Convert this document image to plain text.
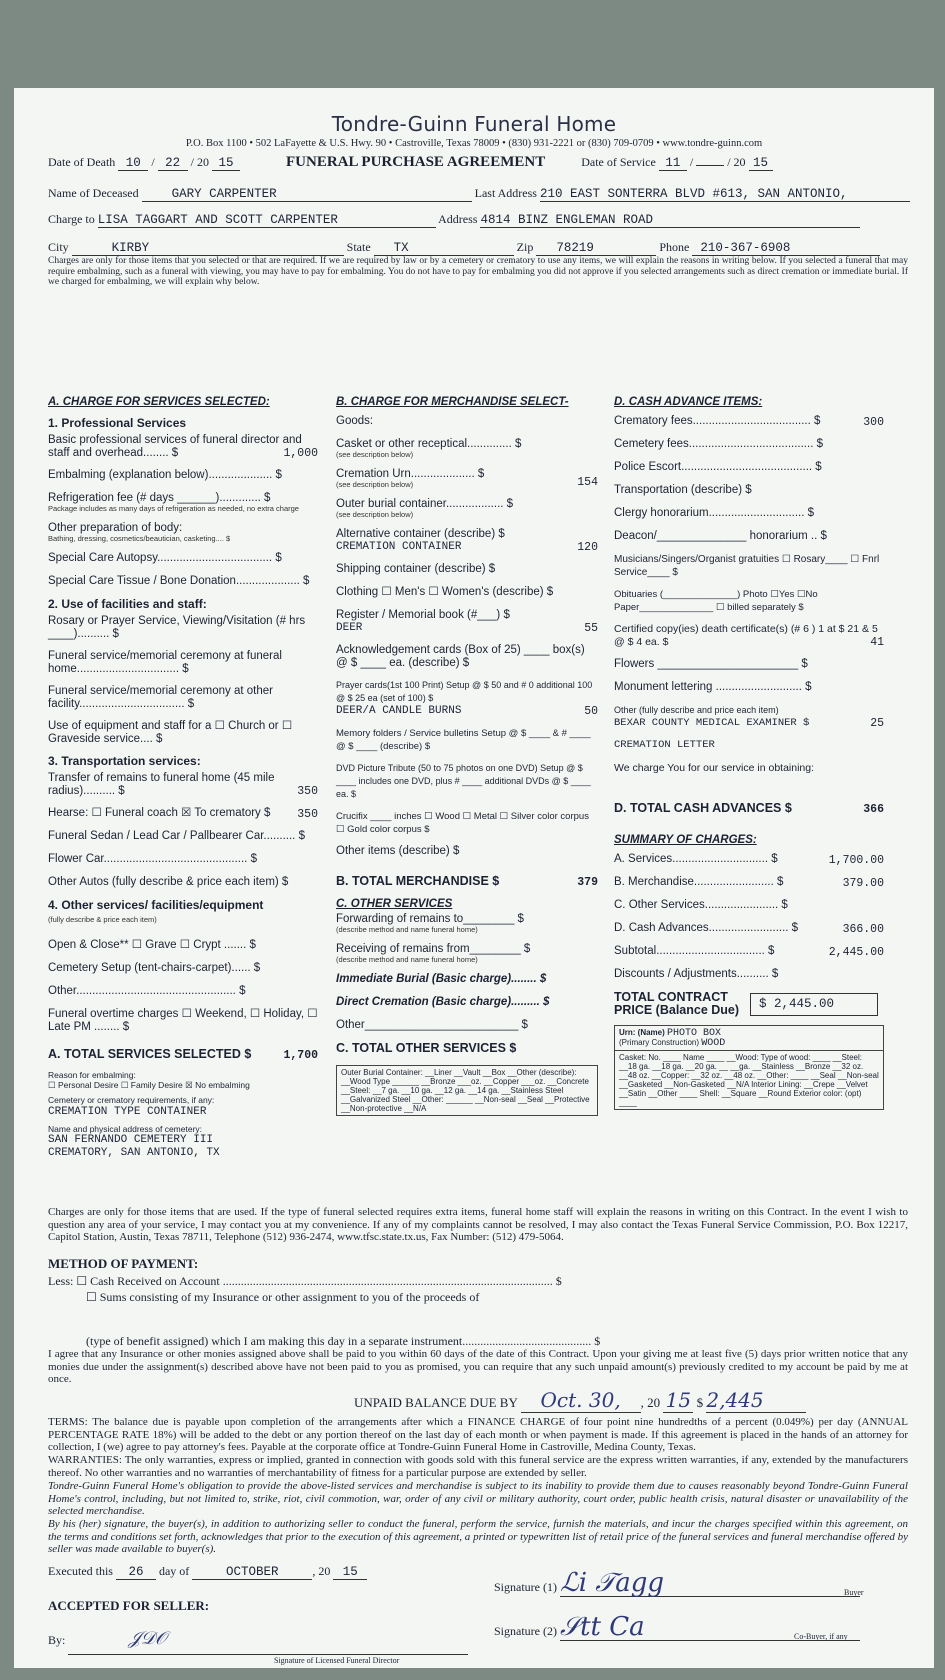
Tondre-Guinn Funeral Home
P.O. Box 1100 • 502 LaFayette & U.S. Hwy. 90 • Castroville, Texas 78009 • (830) 931-2221 or (830) 709-0709 • www.tondre-guinn.com
Date of Death 10 / 22 / 20 15	FUNERAL PURCHASE AGREEMENT	Date of Service 11 /  / 20 15
Name of Deceased	GARY CARPENTER	Last Address 210 EAST SONTERRA BLVD #613, SAN ANTONIO,
Charge to LISA TAGGART AND SCOTT CARPENTER	Address 4814 BINZ ENGLEMAN ROAD
City	KIRBY	State TX	Zip 78219	Phone 210-367-6908
Charges are only for those items that you selected or that are required. If we are required by law or by a cemetery or crematory to use any items, we will explain the reasons in writing below. If you selected a funeral that may require embalming, such as a funeral with viewing, you may have to pay for embalming. You do not have to pay for embalming you did not approve if you selected arrangements such as direct cremation or immediate burial. If we charged for embalming, we will explain why below.
A. CHARGE FOR SERVICES SELECTED:
1. Professional Services
Basic professional services of funeral director and staff and overhead........ $	1,000
Embalming (explanation below).................... $
Refrigeration fee (# days ______)............. $
Package includes as many days of refrigeration as needed, no extra charge
Other preparation of body:
Bathing, dressing, cosmetics/beautician, casketing.... $
Special Care Autopsy.................................... $
Special Care Tissue / Bone Donation.................... $
2. Use of facilities and staff:
Rosary or Prayer Service, Viewing/Visitation (# hrs ____).......... $
Funeral service/memorial ceremony at funeral home................................ $
Funeral service/memorial ceremony at other facility................................. $
Use of equipment and staff for a ☐ Church or ☐ Graveside service.... $
3. Transportation services:
Transfer of remains to funeral home (45 mile radius).......... $	350
Hearse: ☐ Funeral coach ☒ To crematory $ 350
Funeral Sedan / Lead Car / Pallbearer Car.......... $
Flower Car............................................. $
Other Autos (fully describe & price each item) $
4. Other services/ facilities/equipment
(fully describe & price each item)
Open & Close** ☐ Grave ☐ Crypt ....... $
Cemetery Setup (tent-chairs-carpet)...... $
Other.................................................. $
Funeral overtime charges ☐ Weekend, ☐ Holiday, ☐ Late PM ........ $
A. TOTAL SERVICES SELECTED $	1,700
Reason for embalming:
☐ Personal Desire ☐ Family Desire ☒ No embalming
Cemetery or crematory requirements, if any:
CREMATION TYPE CONTAINER
Name and physical address of cemetery:
SAN FERNANDO CEMETERY III
CREMATORY, SAN ANTONIO, TX
B. CHARGE FOR MERCHANDISE SELECT-
Goods:
Casket or other receptical.............. $
(see description below)
Cremation Urn.................... $
(see description below)	154
Outer burial container.................. $
(see description below)
Alternative container (describe) $
CREMATION CONTAINER	120
Shipping container (describe) $
Clothing ☐ Men's ☐ Women's (describe) $
Register / Memorial book (#___) $
DEER	55
Acknowledgement cards (Box of 25) ____ box(s) @ $ ____ ea. (describe) $
Prayer cards(1st 100 Print) Setup @ $ 50 and # 0 additional 100 @ $ 25 ea (set of 100) $
DEER/A CANDLE BURNS	50
Memory folders / Service bulletins Setup @ $ ____ & # ____ @ $ ____ (describe) $
DVD Picture Tribute (50 to 75 photos on one DVD) Setup @ $ ____ includes one DVD, plus # ____ additional DVDs @ $ ____ ea. $
Crucifix ____ inches ☐ Wood ☐ Metal ☐ Silver color corpus ☐ Gold color corpus $
Other items (describe) $
B. TOTAL MERCHANDISE $	379
C. OTHER SERVICES
Forwarding of remains to________ $
(describe method and name funeral home)
Receiving of remains from________ $
(describe method and name funeral home)
Immediate Burial (Basic charge)........ $
Direct Cremation (Basic charge)......... $
Other________________________ $
C. TOTAL OTHER SERVICES $
Outer Burial Container: __Liner __Vault __Box __Other (describe): __Wood Type ______ __Bronze ___oz. __Copper ___oz. __Concrete __Steel: __7 ga. __10 ga. __12 ga. __14 ga. __Stainless Steel __Galvanized Steel __Other: ______ __Non-seal __Seal __Protective __Non-protective __N/A
D. CASH ADVANCE ITEMS:
Crematory fees..................................... $	300
Cemetery fees....................................... $
Police Escort......................................... $
Transportation (describe) $
Clergy honorarium.............................. $
Deacon/______________ honorarium .. $
Musicians/Singers/Organist gratuities ☐ Rosary____ ☐ Fnrl Service____ $
Obituaries (______________) Photo ☐Yes ☐No Paper______________ ☐ billed separately $
Certified copy(ies) death certificate(s) (# 6 ) 1 at $ 21 & 5 @ $ 4 ea. $	41
Flowers ______________________ $
Monument lettering ........................... $
Other (fully describe and price each item)
BEXAR COUNTY MEDICAL EXAMINER $	25
CREMATION LETTER
We charge You for our service in obtaining:
D. TOTAL CASH ADVANCES $	366
SUMMARY OF CHARGES:
A. Services.............................. $	1,700.00
B. Merchandise......................... $	379.00
C. Other Services....................... $
D. Cash Advances......................... $	366.00
Subtotal.................................. $	2,445.00
Discounts / Adjustments.......... $
TOTAL CONTRACT PRICE (Balance Due)	$ 2,445.00
Urn: (Name) PHOTO BOX
(Primary Construction) WOOD
Casket: No. ____ Name ____ __Wood: Type of wood: ____ __Steel: __18 ga. __18 ga. __20 ga. __ __ga. __Stainless __Bronze __32 oz. __48 oz. __Copper: __32 oz. __48 oz. __Other: ____ __Seal __Non-seal __Gasketed __Non-Gasketed __N/A Interior Lining: __Crepe __Velvet __Satin __Other ____ Shell: __Square __Round Exterior color: (opt) ____
Charges are only for those items that are used. If the type of funeral selected requires extra items, funeral home staff will explain the reasons in writing on this Contract. In the event I wish to question any area of your service, I may contact you at my convenience. If any of my complaints cannot be resolved, I may also contact the Texas Funeral Service Commission, P.O. Box 12217, Capitol Station, Austin, Texas 78711, Telephone (512) 936-2474, www.tfsc.state.tx.us, Fax Number: (512) 479-5064.
METHOD OF PAYMENT:
Less: ☐ Cash Received on Account .............................................................................................................. $
☐ Sums consisting of my Insurance or other assignment to you of the proceeds of
(type of benefit assigned) which I am making this day in a separate instrument........................................... $
I agree that any Insurance or other monies assigned above shall be paid to you within 60 days of the date of this Contract. Upon your giving me at least five (5) days prior written notice that any monies due under the assignment(s) described above have not been paid to you as promised, you can require that any such unpaid amount(s) previously credited to my account be paid by me at once.
UNPAID BALANCE DUE BY Oct. 30, , 20 15 $ 2,445
TERMS: The balance due is payable upon completion of the arrangements after which a FINANCE CHARGE of four point nine hundredths of a percent (0.049%) per day (ANNUAL PERCENTAGE RATE 18%) will be added to the debt or any portion thereof on the last day of each month or when payment is made. If this agreement is placed in the hands of an attorney for collection, I (we) agree to pay attorney's fees. Payable at the corporate office at Tondre-Guinn Funeral Home in Castroville, Medina County, Texas.
WARRANTIES: The only warranties, express or implied, granted in connection with goods sold with this funeral service are the express written warranties, if any, extended by the manufacturers thereof. No other warranties and no warranties of merchantability of fitness for a particular purpose are extended by seller.
Tondre-Guinn Funeral Home's obligation to provide the above-listed services and merchandise is subject to its inability to provide them due to causes reasonably beyond Tondre-Guinn Funeral Home's control, including, but not limited to, strike, riot, civil commotion, war, order of any civil or military authority, court order, public health crisis, natural disaster or unavailability of the selected merchandise.
By his (her) signature, the buyer(s), in addition to authorizing seller to conduct the funeral, perform the service, furnish the materials, and incur the charges specified within this agreement, on the terms and conditions set forth, acknowledges that prior to the execution of this agreement, a printed or typewritten list of retail price of the funeral services and funeral merchandise offered by seller was made available to buyer(s).
Executed this 26 day of	OCTOBER	, 20 15
Signature (1) ℒi 𝒯agg	Buyer
ACCEPTED FOR SELLER:
Signature (2) 𝒮tt Ca	Co-Buyer, if any
By:	𝒥𝒟𝒪
Signature of Licensed Funeral Director
